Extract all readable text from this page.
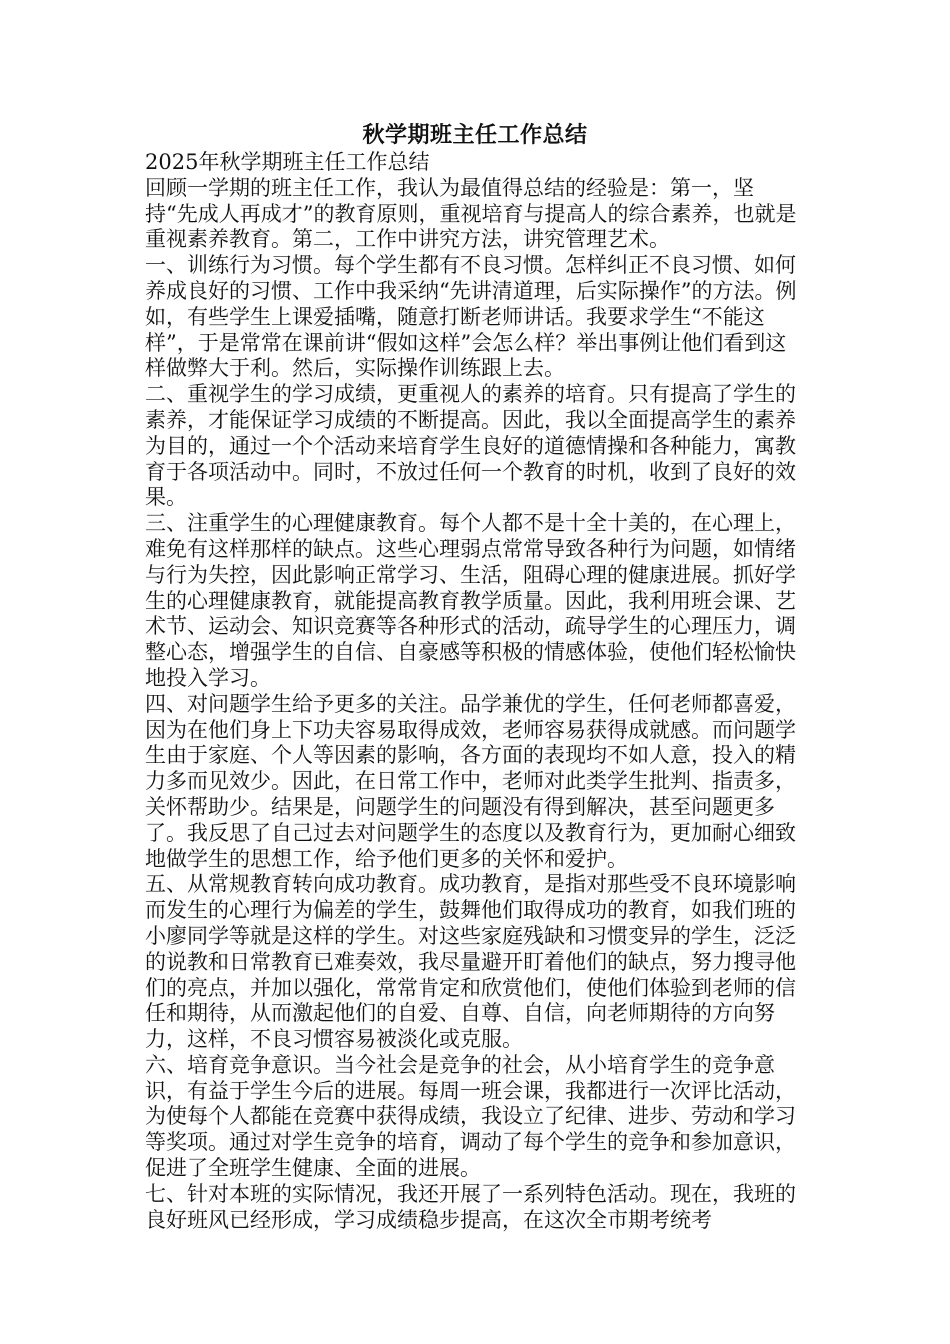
秋学期班主任工作总结

2025年秋学期班主任工作总结

回顾一学期的班主任工作，我认为最值得总结的经验是：第一，坚持“先成人再成才”的教育原则，重视培育与提高人的综合素养，也就是重视素养教育。第二，工作中讲究方法，讲究管理艺术。

一、训练行为习惯。每个学生都有不良习惯。怎样纠正不良习惯、如何养成良好的习惯、工作中我采纳“先讲清道理，后实际操作”的方法。例如，有些学生上课爱插嘴，随意打断老师讲话。我要求学生“不能这样”，于是常常在课前讲“假如这样”会怎么样？举出事例让他们看到这样做弊大于利。然后，实际操作训练跟上去。

二、重视学生的学习成绩，更重视人的素养的培育。只有提高了学生的素养，才能保证学习成绩的不断提高。因此，我以全面提高学生的素养为目的，通过一个个活动来培育学生良好的道德情操和各种能力，寓教育于各项活动中。同时，不放过任何一个教育的时机，收到了良好的效果。

三、注重学生的心理健康教育。每个人都不是十全十美的，在心理上，难免有这样那样的缺点。这些心理弱点常常导致各种行为问题，如情绪与行为失控，因此影响正常学习、生活，阻碍心理的健康进展。抓好学生的心理健康教育，就能提高教育教学质量。因此，我利用班会课、艺术节、运动会、知识竞赛等各种形式的活动，疏导学生的心理压力，调整心态，增强学生的自信、自豪感等积极的情感体验，使他们轻松愉快地投入学习。

四、对问题学生给予更多的关注。品学兼优的学生，任何老师都喜爱，因为在他们身上下功夫容易取得成效，老师容易获得成就感。而问题学生由于家庭、个人等因素的影响，各方面的表现均不如人意，投入的精力多而见效少。因此，在日常工作中，老师对此类学生批判、指责多，关怀帮助少。结果是，问题学生的问题没有得到解决，甚至问题更多了。我反思了自己过去对问题学生的态度以及教育行为，更加耐心细致地做学生的思想工作，给予他们更多的关怀和爱护。

五、从常规教育转向成功教育。成功教育，是指对那些受不良环境影响而发生的心理行为偏差的学生，鼓舞他们取得成功的教育，如我们班的小廖同学等就是这样的学生。对这些家庭残缺和习惯变异的学生，泛泛的说教和日常教育已难奏效，我尽量避开盯着他们的缺点，努力搜寻他们的亮点，并加以强化，常常肯定和欣赏他们，使他们体验到老师的信任和期待，从而激起他们的自爱、自尊、自信，向老师期待的方向努力，这样，不良习惯容易被淡化或克服。

六、培育竞争意识。当今社会是竞争的社会，从小培育学生的竞争意识，有益于学生今后的进展。每周一班会课，我都进行一次评比活动，为使每个人都能在竞赛中获得成绩，我设立了纪律、进步、劳动和学习等奖项。通过对学生竞争的培育，调动了每个学生的竞争和参加意识，促进了全班学生健康、全面的进展。

七、针对本班的实际情况，我还开展了一系列特色活动。现在，我班的良好班风已经形成，学习成绩稳步提高，在这次全市期考统考
